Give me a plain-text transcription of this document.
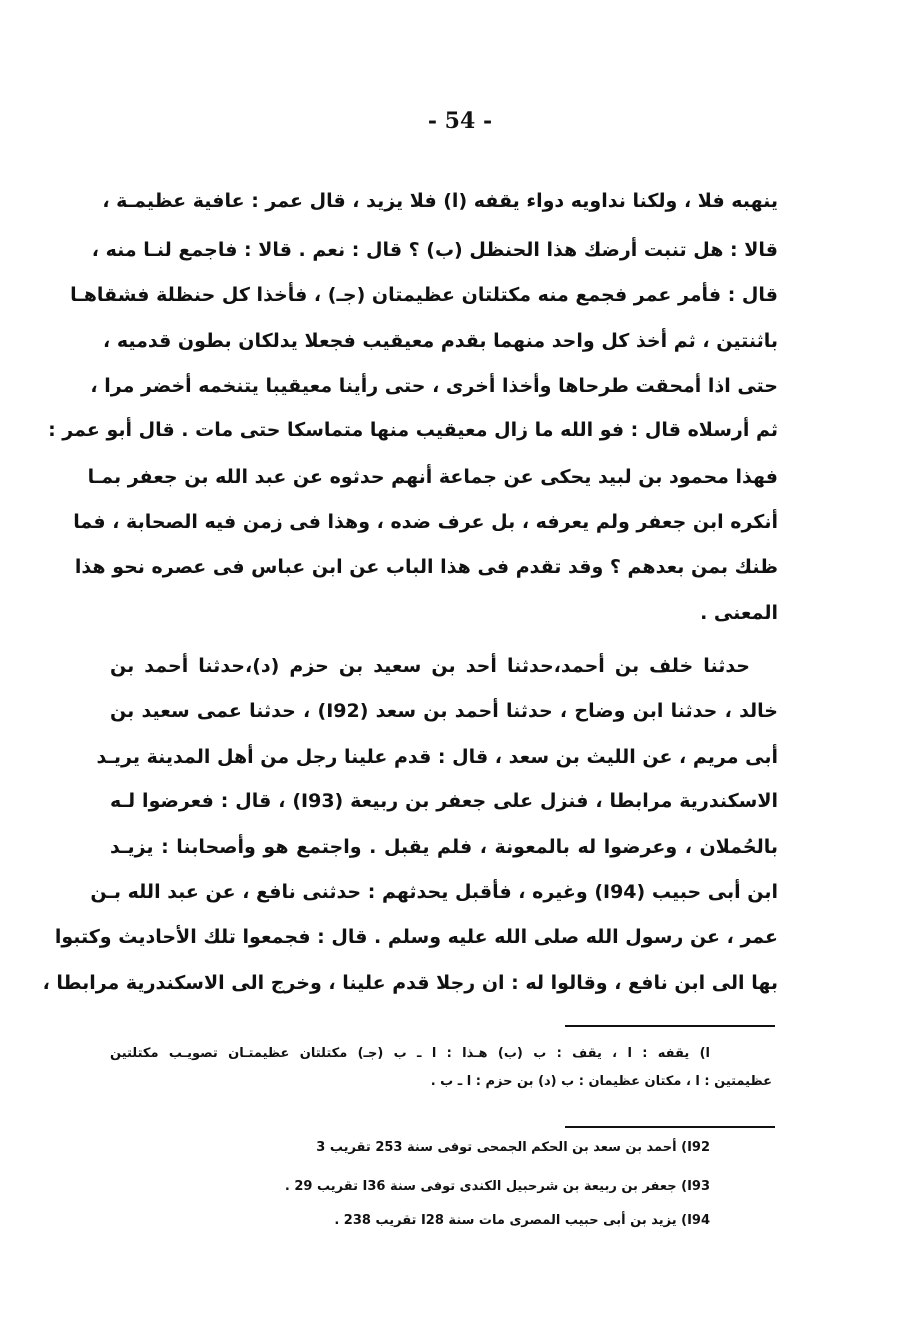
- 54 -
ينهبه فلا ، ولكنا نداويه دواء يقفه (ا) فلا يزيد ، قال عمر : عافية عظيمـة ،
قالا : هل تنبت أرضك هذا الحنظل (ب) ؟ قال : نعم . قالا : فاجمع لنـا منه ،
قال : فأمر عمر فجمع منه مكتلتان عظيمتان (جـ) ، فأخذا كل حنظلة فشقاهـا
باثنتين ، ثم أخذ كل واحد منهما بقدم معيقيب فجعلا يدلكان بطون قدميه ،
حتى اذا أمحقت طرحاها وأخذا أخرى ، حتى رأينا معيقيبا يتنخمه أخضر مرا ،
ثم أرسلاه قال : فو الله ما زال معيقيب منها متماسكا حتى مات . قال أبو عمر :
فهذا محمود بن لبيد يحكى عن جماعة أنهم حدثوه عن عبد الله بن جعفر بمـا
أنكره ابن جعفر ولم يعرفه ، بل عرف ضده ، وهذا فى زمن فيه الصحابة ، فما
ظنك بمن بعدهم ؟ وقد تقدم فى هذا الباب عن ابن عباس فى عصره نحو هذا
المعنى .
حدثنا خلف بن أحمد،حدثنا أحد بن سعيد بن حزم (د)،حدثنا أحمد بن
خالد ، حدثنا ابن وضاح ، حدثنا أحمد بن سعد (I92) ، حدثنا عمى سعيد بن
أبى مريم ، عن الليث بن سعد ، قال : قدم علينا رجل من أهل المدينة يريـد
الاسكندرية مرابطا ، فنزل على جعفر بن ربيعة (I93) ، قال : فعرضوا لـه
بالحُملان ، وعرضوا له بالمعونة ، فلم يقبل . واجتمع هو وأصحابنا : يزيـد
ابن أبى حبيب (I94) وغيره ، فأقبل يحدثهم : حدثنى نافع ، عن عبد الله بـن
عمر ، عن رسول الله صلى الله عليه وسلم . قال : فجمعوا تلك الأحاديث وكتبوا
بها الى ابن نافع ، وقالوا له : ان رجلا قدم علينا ، وخرج الى الاسكندرية مرابطا ،
ا) يقفه : ا ، يقف : ب (ب) هـذا : ا ـ ب (جـ) مكتلتان عظيمتـان تصويـب مكتلتين
عظيمتين : ا ، مكتان عظيمان : ب (د) بن حزم : ا ـ ب .
I92) أحمد بن سعد بن الحكم الجمحى توفى سنة 253 تقريب 3
I93) جعفر بن ربيعة بن شرحبيل الكندى توفى سنة I36 تقريب 29 .
I94) يزيد بن أبى حبيب المصرى مات سنة I28 تقريب 238 .
